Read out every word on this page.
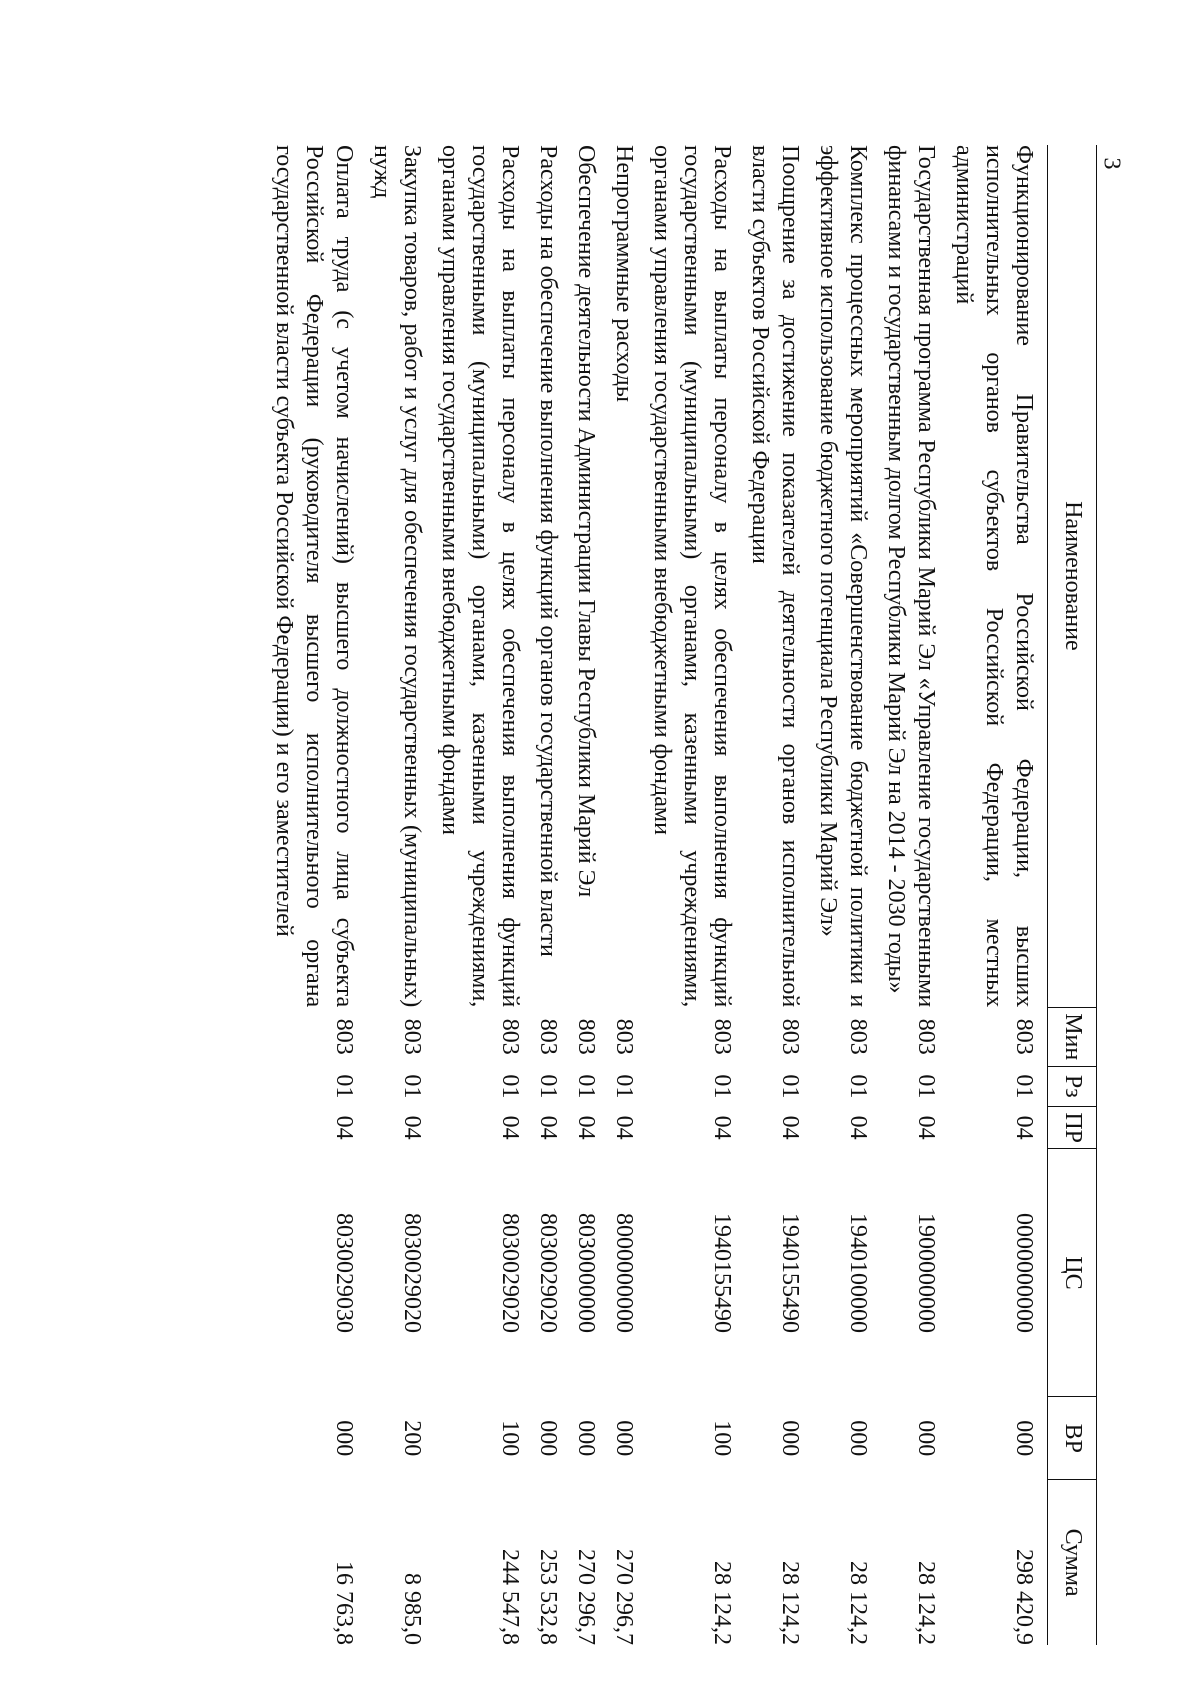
3
Наименование	Мин	Рз	ПР	ЦС	ВР	Сумма
Функционирование Правительства Российской Федерации, высших исполнительных органов субъектов Российской Федерации, местных администраций	803	01	04	0000000000	000	298 420,9
Государственная программа Республики Марий Эл «Управление государственными финансами и государственным долгом Республики Марий Эл на 2014 - 2030 годы»	803	01	04	1900000000	000	28 124,2
Комплекс процессных мероприятий «Совершенствование бюджетной политики и эффективное использование бюджетного потенциала Республики Марий Эл»	803	01	04	1940100000	000	28 124,2
Поощрение за достижение показателей деятельности органов исполнительной власти субъектов Российской Федерации	803	01	04	1940155490	000	28 124,2
Расходы на выплаты персоналу в целях обеспечения выполнения функций государственными (муниципальными) органами, казенными учреждениями, органами управления государственными внебюджетными фондами	803	01	04	1940155490	100	28 124,2
Непрограммные расходы	803	01	04	8000000000	000	270 296,7
Обеспечение деятельности Администрации Главы Республики Марий Эл	803	01	04	8030000000	000	270 296,7
Расходы на обеспечение выполнения функций органов государственной власти	803	01	04	8030029020	000	253 532,8
Расходы на выплаты персоналу в целях обеспечения выполнения функций государственными (муниципальными) органами, казенными учреждениями, органами управления государственными внебюджетными фондами	803	01	04	8030029020	100	244 547,8
Закупка товаров, работ и услуг для обеспечения государственных (муниципальных) нужд	803	01	04	8030029020	200	8 985,0
Оплата труда (с учетом начислений) высшего должностного лица субъекта Российской Федерации (руководителя высшего исполнительного органа государственной власти субъекта Российской Федерации) и его заместителей	803	01	04	8030029030	000	16 763,8
